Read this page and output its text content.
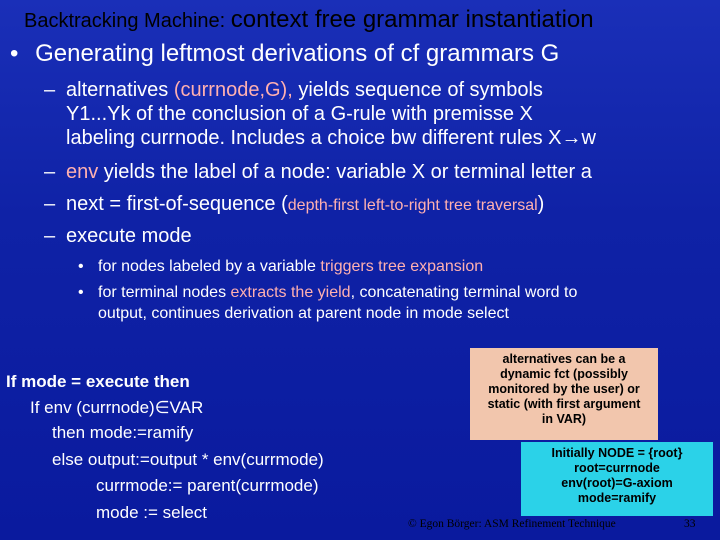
Backtracking Machine: context free grammar instantiation
• Generating leftmost derivations of cf grammars G
– alternatives (currnode,G), yields sequence of symbols
Y1...Yk of the conclusion of a G-rule with premisse X
labeling currnode. Includes a choice bw different rules X→w
– env yields the label of a node: variable X or terminal letter a
– next = first-of-sequence (depth-first left-to-right tree traversal)
– execute mode
• for nodes labeled by a variable triggers tree expansion
• for terminal nodes extracts the yield, concatenating terminal word to
output, continues derivation at parent node in mode select
If mode = execute then
If env (currnode)∈VAR
then mode:=ramify
else output:=output * env(currmode)
currmode:= parent(currmode)
mode := select
alternatives can be a
dynamic fct (possibly
monitored by the user) or
static (with first argument
in VAR)
Initially NODE = {root}
root=currnode
env(root)=G-axiom
mode=ramify
© Egon Börger: ASM Refinement Technique	33
